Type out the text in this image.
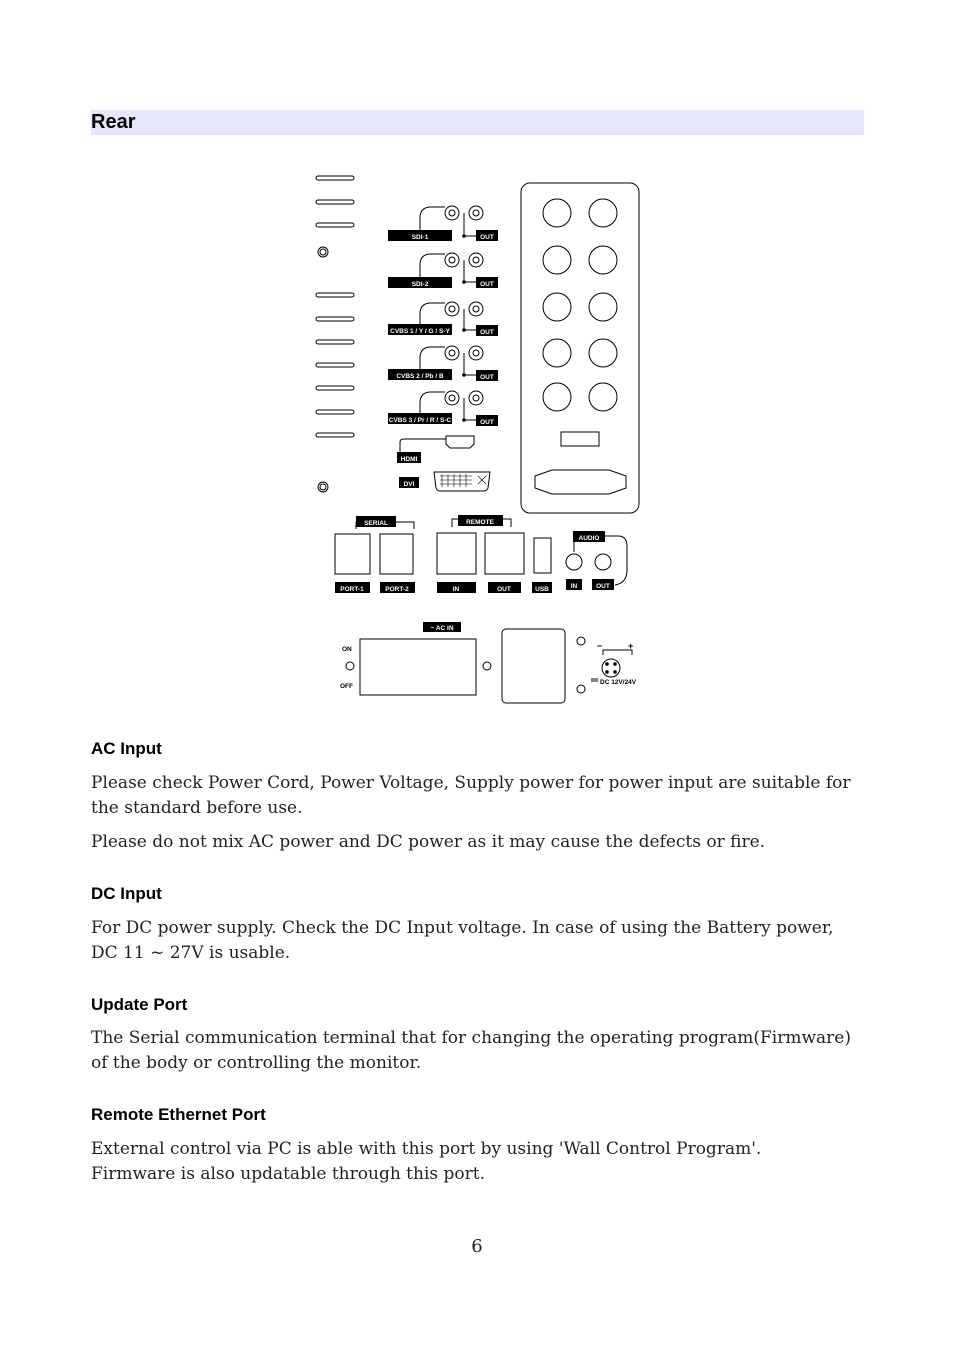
Rear
SDI-1	OUT
SDI-2	OUT
CVBS 1 / Y / G / S-Y	OUT
CVBS 2 / Pb / B	OUT
CVBS 3 / Pr / R / S-C	OUT
HDMI
DVI
SERIAL
PORT-1	PORT-2
REMOTE
IN	OUT	USB
AUDIO
IN	OUT
~ AC IN
ON
OFF
DC 12V/24V
−	+
AC Input

Please check Power Cord, Power Voltage, Supply power for power input are suitable for the standard before use.

Please do not mix AC power and DC power as it may cause the defects or fire.

DC Input

For DC power supply. Check the DC Input voltage. In case of using the Battery power, DC 11 ~ 27V is usable.

Update Port

The Serial communication terminal that for changing the operating program(Firmware) of the body or controlling the monitor.

Remote Ethernet Port

External control via PC is able with this port by using 'Wall Control Program'. Firmware is also updatable through this port.

6
